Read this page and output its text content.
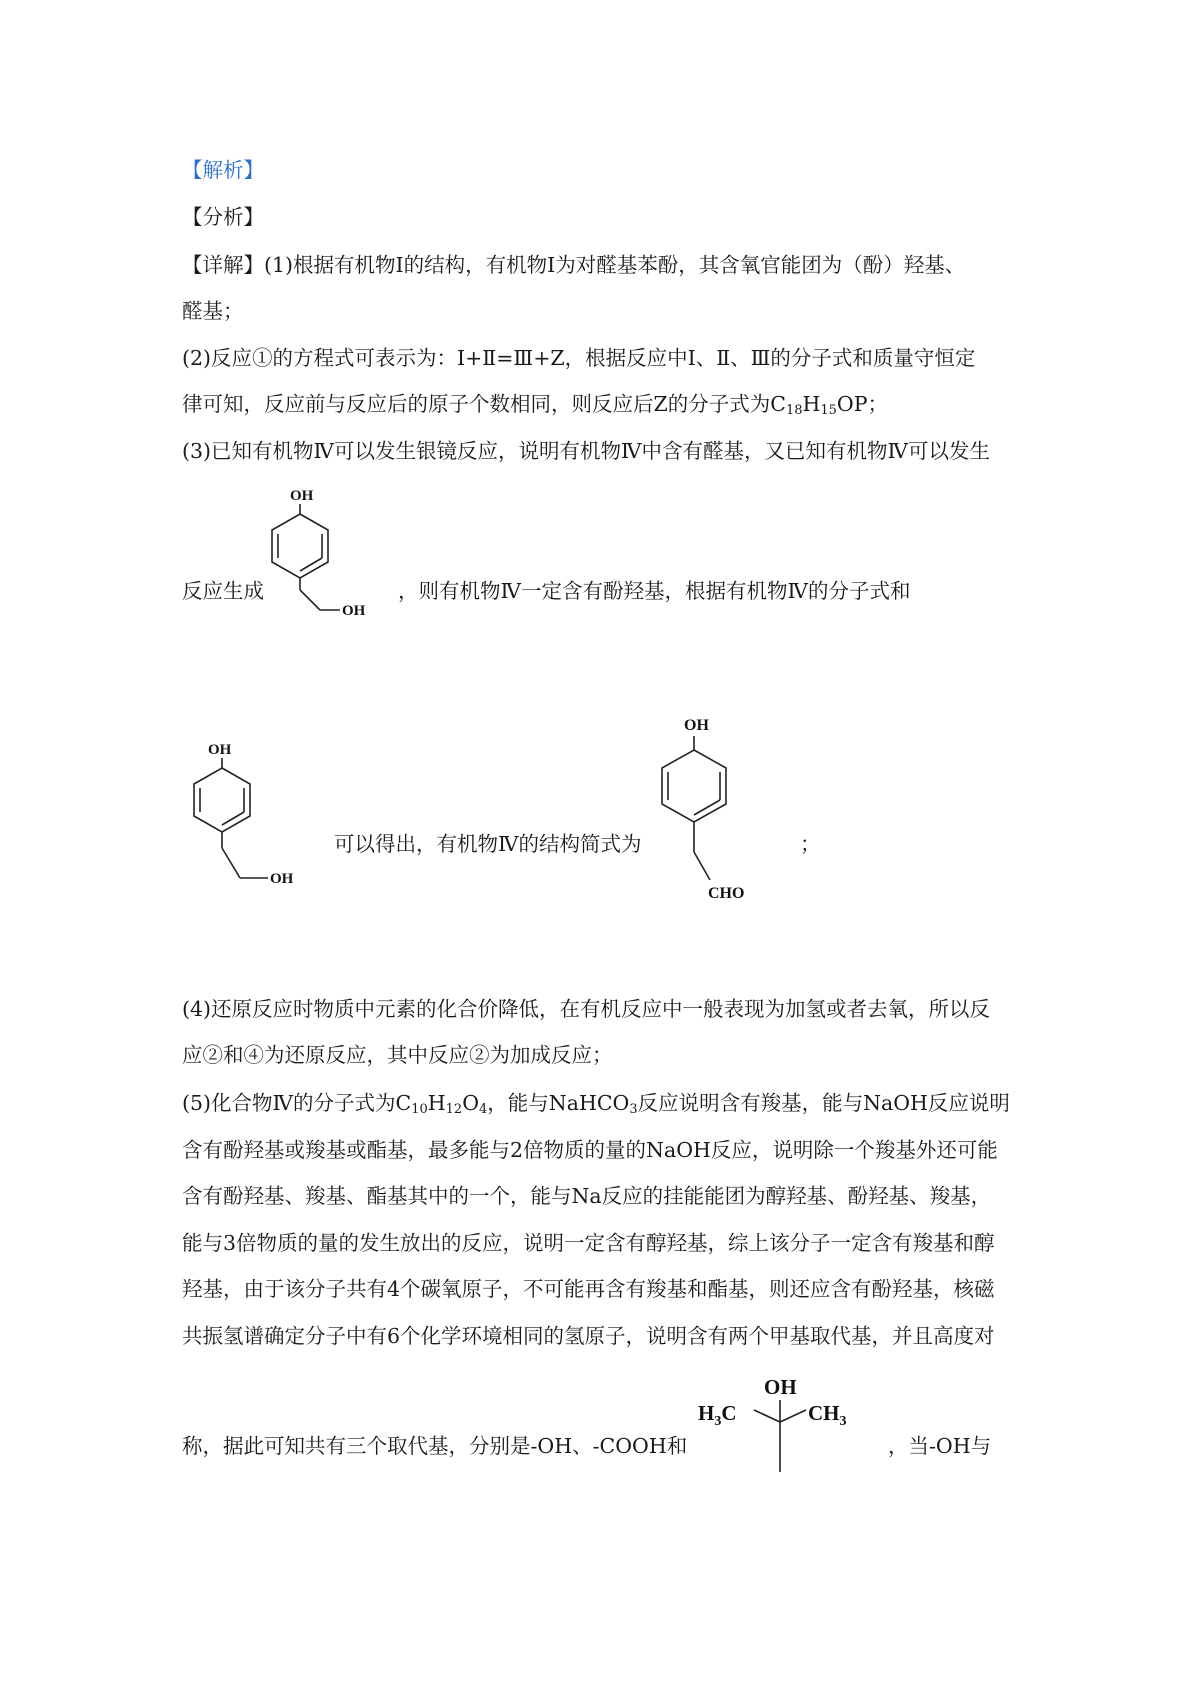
【解析】
【分析】
【详解】(1)根据有机物Ⅰ的结构，有机物Ⅰ为对醛基苯酚，其含氧官能团为（酚）羟基、
醛基；
(2)反应①的方程式可表示为：Ⅰ+Ⅱ=Ⅲ+Z，根据反应中Ⅰ、Ⅱ、Ⅲ的分子式和质量守恒定
律可知，反应前与反应后的原子个数相同，则反应后Z的分子式为$C_{18}H_{15}OP$；
(3)已知有机物Ⅳ可以发生银镜反应，说明有机物Ⅳ中含有醛基，又已知有机物Ⅳ可以发生
反应生成	，则有机物Ⅳ一定含有酚羟基，根据有机物Ⅳ的分子式和
OH
OH
OH
OH
可以得出，有机物Ⅳ的结构简式为
OH
CHO
；
(4)还原反应时物质中元素的化合价降低，在有机反应中一般表现为加氢或者去氧，所以反
应②和④为还原反应，其中反应②为加成反应；
(5)化合物Ⅳ的分子式为$C_{10}H_{12}O_4$，能与NaHCO$_3$反应说明含有羧基，能与NaOH反应说明
含有酚羟基或羧基或酯基，最多能与2倍物质的量的NaOH反应，说明除一个羧基外还可能
含有酚羟基、羧基、酯基其中的一个，能与Na反应的挂能能团为醇羟基、酚羟基、羧基，
能与3倍物质的量的发生放出的反应，说明一定含有醇羟基，综上该分子一定含有羧基和醇
羟基，由于该分子共有4个碳氧原子，不可能再含有羧基和酯基，则还应含有酚羟基，核磁
共振氢谱确定分子中有6个化学环境相同的氢原子，说明含有两个甲基取代基，并且高度对
称，据此可知共有三个取代基，分别是-OH、-COOH和
OH
$H_3C$	$CH_3$
，当-OH与
